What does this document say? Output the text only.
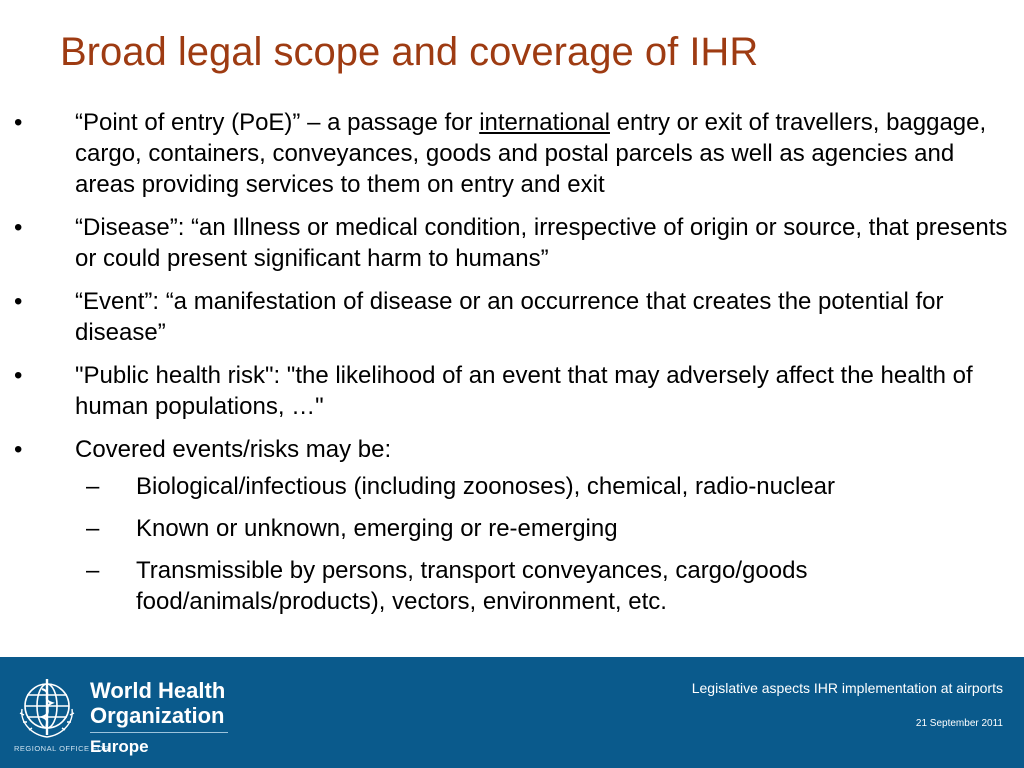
Broad legal scope and coverage of IHR
• “Point of entry (PoE)” – a passage for international entry or exit of travellers, baggage, cargo, containers, conveyances, goods and postal parcels as well as agencies and areas providing services to them on entry and exit
• “Disease”: “an Illness or medical condition, irrespective of origin or source, that presents or could present significant harm to humans”
• “Event”: “a manifestation of disease or an occurrence that creates the potential for disease”
• "Public health risk": "the likelihood of an event that may adversely affect the health of human populations, …"
• Covered events/risks may be:
– Biological/infectious (including zoonoses), chemical, radio-nuclear
– Known or unknown, emerging or re-emerging
– Transmissible by persons, transport conveyances, cargo/goods food/animals/products), vectors, environment, etc.
World Health
Organization
REGIONAL OFFICE FOR
Europe
Legislative aspects IHR implementation at airports
21 September 2011
